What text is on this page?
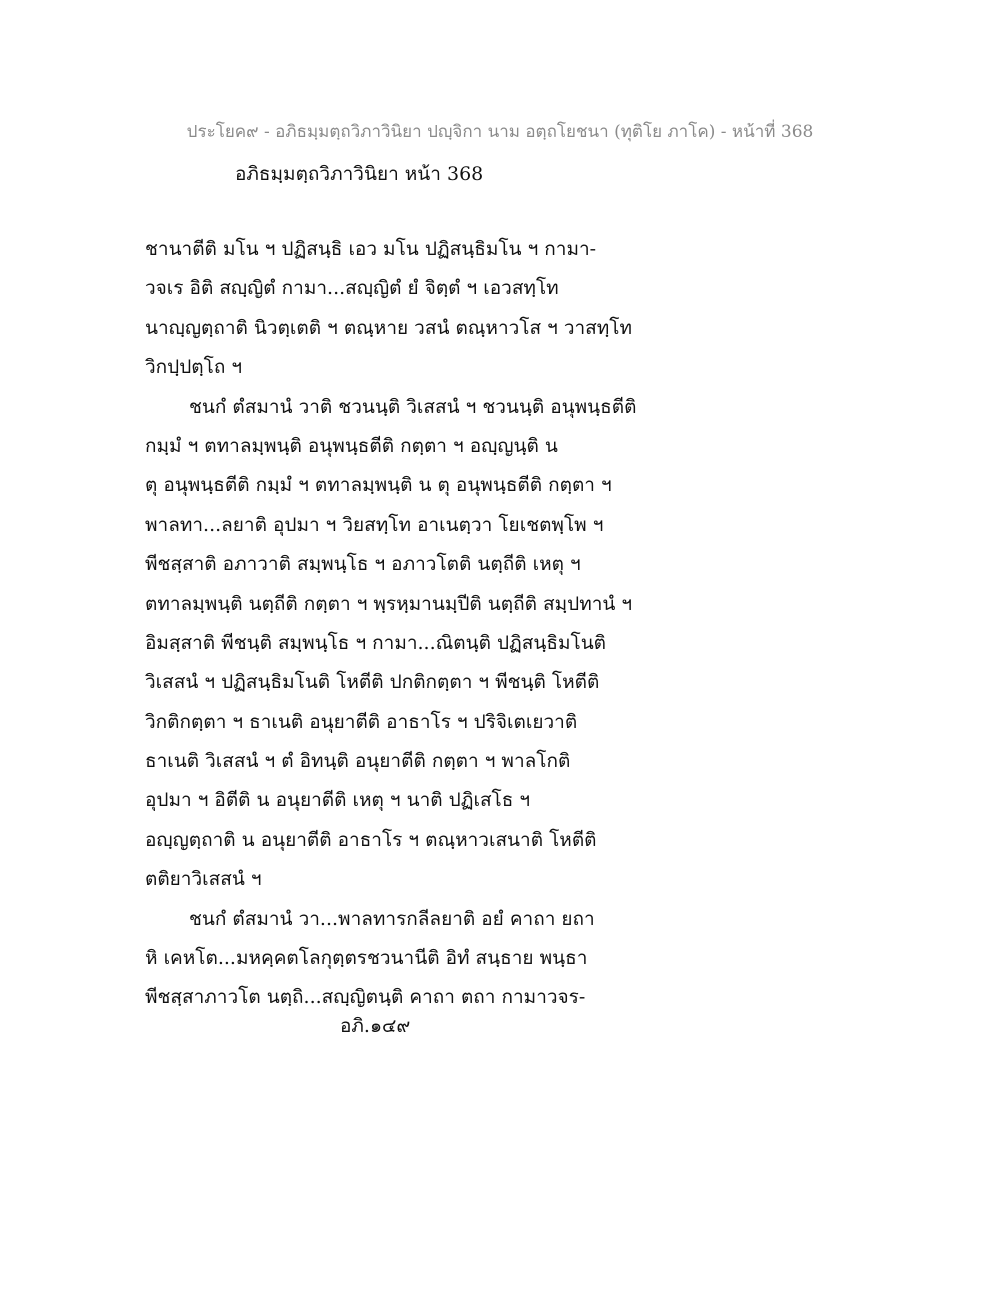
ประโยค๙ - อภิธมฺมตฺถวิภาวินิยา ปญฺจิกา นาม อตฺถโยชนา (ทุติโย ภาโค) - หน้าที่ 368
อภิธมฺมตฺถวิภาวินิยา หน้า 368
ชานาตีติ มโน ฯ ปฏิสนฺธิ เอว มโน ปฏิสนฺธิมโน ฯ กามา-
วจเร อิติ สญฺญิตํ กามา...สญฺญิตํ ยํ จิตฺตํ ฯ เอวสทฺโท
นาญฺญตฺถาติ นิวตฺเตติ ฯ ตณฺหาย วสนํ ตณฺหาวโส ฯ วาสทฺโท
วิกปฺปตฺโถ ฯ
ชนกํ ตํสมานํ วาติ ชวนนฺติ วิเสสนํ ฯ ชวนนฺติ อนุพนฺธตีติ
กมฺมํ ฯ ตทาลมฺพนฺติ อนุพนฺธตีติ กตฺตา ฯ อญฺญนฺติ น
ตุ อนุพนฺธตีติ กมฺมํ ฯ ตทาลมฺพนฺติ น ตุ อนุพนฺธตีติ กตฺตา ฯ
พาลทา...ลยาติ อุปมา ฯ วิยสทฺโท อาเนตฺวา โยเชตพฺโพ ฯ
พีชสฺสาติ อภาวาติ สมฺพนฺโธ ฯ อภาวโตติ นตฺถีติ เหตุ ฯ
ตทาลมฺพนฺติ นตฺถีติ กตฺตา ฯ พฺรหฺมานมฺปีติ นตฺถีติ สมฺปทานํ ฯ
อิมสฺสาติ พีชนฺติ สมฺพนฺโธ ฯ กามา...ณิตนฺติ ปฏิสนฺธิมโนติ
วิเสสนํ ฯ ปฏิสนฺธิมโนติ โหตีติ ปกติกตฺตา ฯ พีชนฺติ โหตีติ
วิกติกตฺตา ฯ ธาเนติ อนุยาตีติ อาธาโร ฯ ปริจิเตเยวาติ
ธาเนติ วิเสสนํ ฯ ตํ อิทนฺติ อนุยาตีติ กตฺตา ฯ พาลโกติ
อุปมา ฯ อิตีติ น อนุยาตีติ เหตุ ฯ นาติ ปฏิเสโธ ฯ
อญฺญตฺถาติ น อนุยาตีติ อาธาโร ฯ ตณฺหาวเสนาติ โหตีติ
ตติยาวิเสสนํ ฯ
ชนกํ ตํสมานํ วา...พาลทารกลีลยาติ อยํ คาถา ยถา
หิ เคหโต...มหคฺคตโลกุตฺตรชวนานีติ อิทํ สนฺธาย พนฺธา
พีชสฺสาภาวโต นตฺถิ...สญฺญิตนฺติ คาถา ตถา กามาวจร-
อภิ.๑๔๙
